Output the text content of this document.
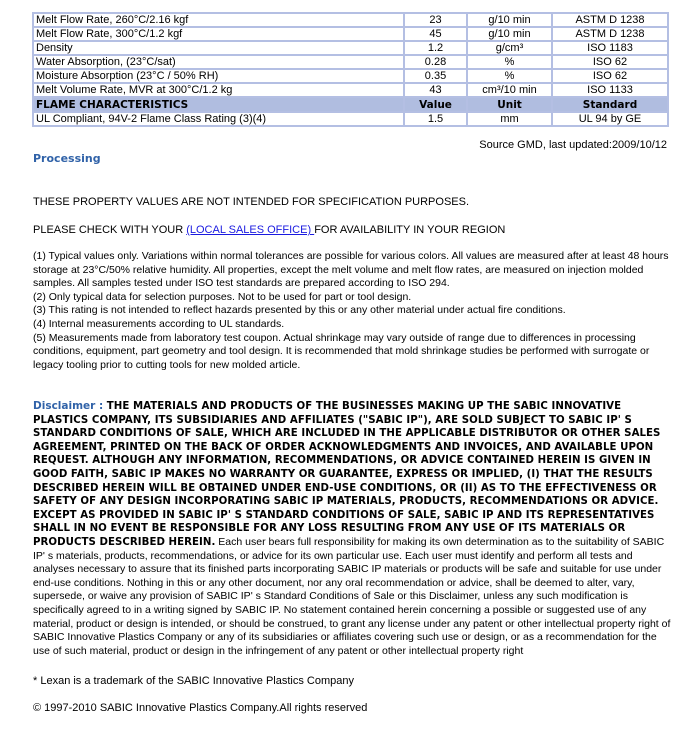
Melt Flow Rate, 260°C/2.16 kgf	23	g/10 min	ASTM D 1238
Melt Flow Rate, 300°C/1.2 kgf	45	g/10 min	ASTM D 1238
Density	1.2	g/cm³	ISO 1183
Water Absorption, (23°C/sat)	0.28	%	ISO 62
Moisture Absorption (23°C / 50% RH)	0.35	%	ISO 62
Melt Volume Rate, MVR at 300°C/1.2 kg	43	cm³/10 min	ISO 1133
FLAME CHARACTERISTICS	Value	Unit	Standard
UL Compliant, 94V-2 Flame Class Rating (3)(4)	1.5	mm	UL 94 by GE
Source GMD, last updated:2009/10/12
Processing
THESE PROPERTY VALUES ARE NOT INTENDED FOR SPECIFICATION PURPOSES.
PLEASE CHECK WITH YOUR (LOCAL SALES OFFICE) FOR AVAILABILITY IN YOUR REGION

(1) Typical values only. Variations within normal tolerances are possible for various colors. All values are measured after at least 48 hours storage at 23°C/50% relative humidity. All properties, except the melt volume and melt flow rates, are measured on injection molded samples. All samples tested under ISO test standards are prepared according to ISO 294.

(2) Only typical data for selection purposes. Not to be used for part or tool design.

(3) This rating is not intended to reflect hazards presented by this or any other material under actual fire conditions.

(4) Internal measurements according to UL standards.

(5) Measurements made from laboratory test coupon. Actual shrinkage may vary outside of range due to differences in processing conditions, equipment, part geometry and tool design. It is recommended that mold shrinkage studies be performed with surrogate or legacy tooling prior to cutting tools for new molded article.

Disclaimer : THE MATERIALS AND PRODUCTS OF THE BUSINESSES MAKING UP THE SABIC INNOVATIVE PLASTICS COMPANY, ITS SUBSIDIARIES AND AFFILIATES ("SABIC IP"), ARE SOLD SUBJECT TO SABIC IP' S STANDARD CONDITIONS OF SALE, WHICH ARE INCLUDED IN THE APPLICABLE DISTRIBUTOR OR OTHER SALES AGREEMENT, PRINTED ON THE BACK OF ORDER ACKNOWLEDGMENTS AND INVOICES, AND AVAILABLE UPON REQUEST. ALTHOUGH ANY INFORMATION, RECOMMENDATIONS, OR ADVICE CONTAINED HEREIN IS GIVEN IN GOOD FAITH, SABIC IP MAKES NO WARRANTY OR GUARANTEE, EXPRESS OR IMPLIED, (I) THAT THE RESULTS DESCRIBED HEREIN WILL BE OBTAINED UNDER END-USE CONDITIONS, OR (II) AS TO THE EFFECTIVENESS OR SAFETY OF ANY DESIGN INCORPORATING SABIC IP MATERIALS, PRODUCTS, RECOMMENDATIONS OR ADVICE. EXCEPT AS PROVIDED IN SABIC IP' S STANDARD CONDITIONS OF SALE, SABIC IP AND ITS REPRESENTATIVES SHALL IN NO EVENT BE RESPONSIBLE FOR ANY LOSS RESULTING FROM ANY USE OF ITS MATERIALS OR PRODUCTS DESCRIBED HEREIN. Each user bears full responsibility for making its own determination as to the suitability of SABIC IP' s materials, products, recommendations, or advice for its own particular use. Each user must identify and perform all tests and analyses necessary to assure that its finished parts incorporating SABIC IP materials or products will be safe and suitable for use under end-use conditions. Nothing in this or any other document, nor any oral recommendation or advice, shall be deemed to alter, vary, supersede, or waive any provision of SABIC IP' s Standard Conditions of Sale or this Disclaimer, unless any such modification is specifically agreed to in a writing signed by SABIC IP. No statement contained herein concerning a possible or suggested use of any material, product or design is intended, or should be construed, to grant any license under any patent or other intellectual property right of SABIC Innovative Plastics Company or any of its subsidiaries or affiliates covering such use or design, or as a recommendation for the use of such material, product or design in the infringement of any patent or other intellectual property right
* Lexan is a trademark of the SABIC Innovative Plastics Company
© 1997-2010 SABIC Innovative Plastics Company.All rights reserved
